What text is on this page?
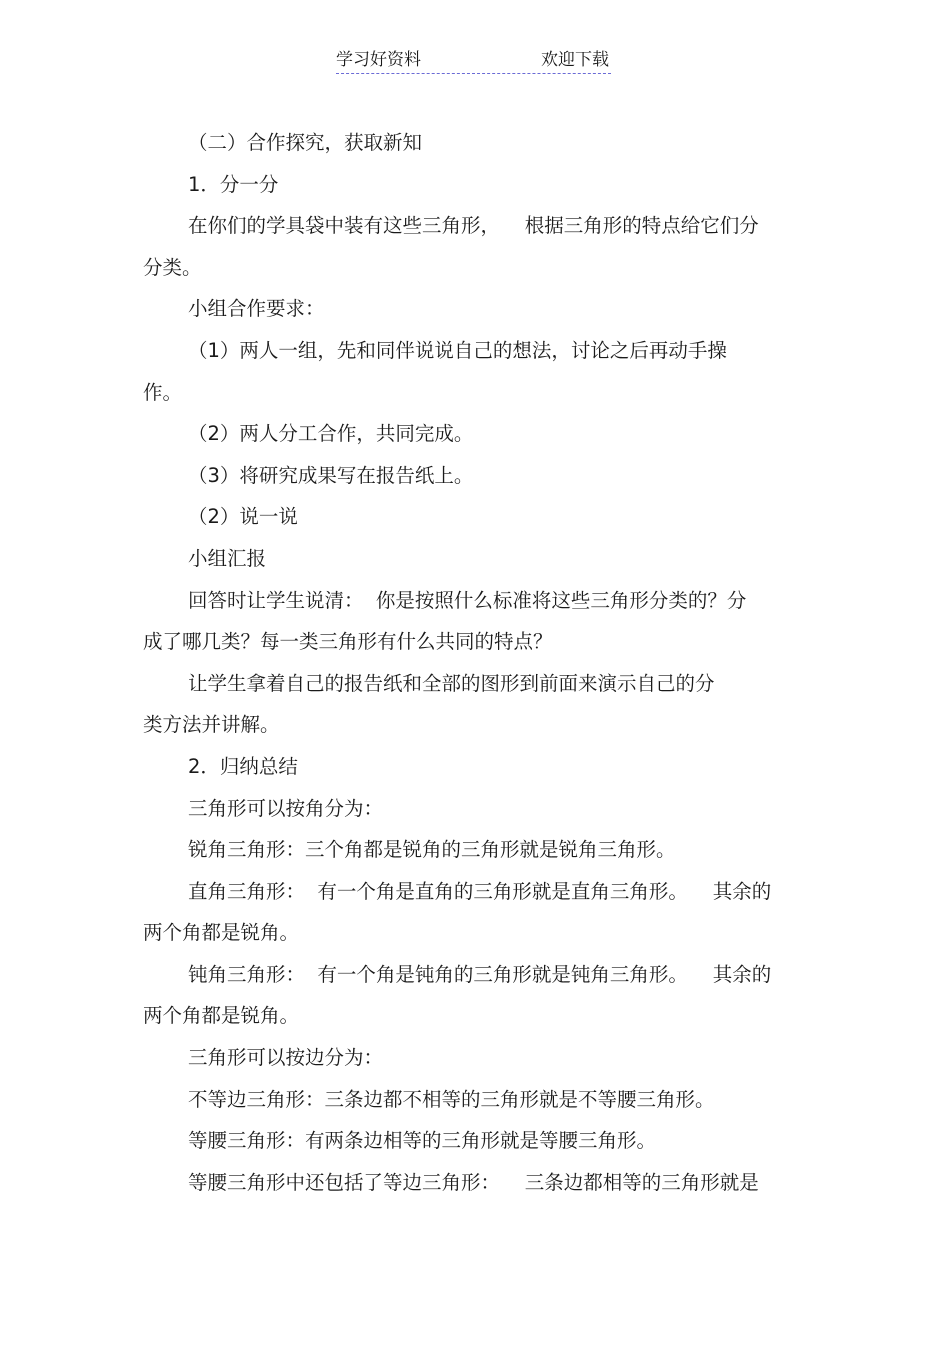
学习好资料	欢迎下载
（二）合作探究，获取新知
1．分一分
在你们的学具袋中装有这些三角形，    根据三角形的特点给它们分
分类。
小组合作要求：
（1）两人一组，先和同伴说说自己的想法，讨论之后再动手操
作。
（2）两人分工合作，共同完成。
（3）将研究成果写在报告纸上。
（2）说一说
小组汇报
回答时让学生说清：  你是按照什么标准将这些三角形分类的？分
成了哪几类？每一类三角形有什么共同的特点？
让学生拿着自己的报告纸和全部的图形到前面来演示自己的分
类方法并讲解。
2．归纳总结
三角形可以按角分为：
锐角三角形：三个角都是锐角的三角形就是锐角三角形。
直角三角形：  有一个角是直角的三角形就是直角三角形。    其余的
两个角都是锐角。
钝角三角形：  有一个角是钝角的三角形就是钝角三角形。    其余的
两个角都是锐角。
三角形可以按边分为：
不等边三角形：三条边都不相等的三角形就是不等腰三角形。
等腰三角形：有两条边相等的三角形就是等腰三角形。
等腰三角形中还包括了等边三角形：    三条边都相等的三角形就是
